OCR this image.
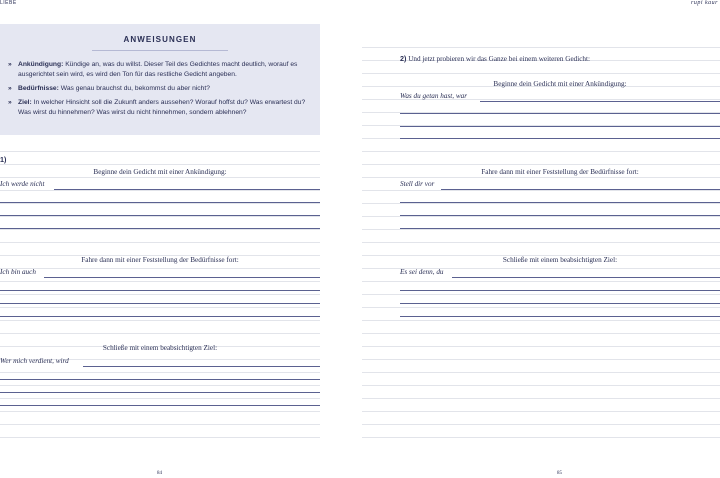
LIEBE	rupi kaur
ANWEISUNGEN
» Ankündigung: Kündige an, was du willst. Dieser Teil des Gedichtes macht deutlich, worauf es ausgerichtet sein wird, es wird den Ton für das restliche Gedicht angeben.
» Bedürfnisse: Was genau brauchst du, bekommst du aber nicht?
» Ziel: In welcher Hinsicht soll die Zukunft anders aussehen? Worauf hoffst du? Was erwartest du? Was wirst du hinnehmen? Was wirst du nicht hinnehmen, sondern ablehnen?
2) Und jetzt probieren wir das Ganze bei einem weiteren Gedicht:
Beginne dein Gedicht mit einer Ankündigung:
Was du getan hast, war
1)
Beginne dein Gedicht mit einer Ankündigung:
Ich werde nicht
Fahre dann mit einer Feststellung der Bedürfnisse fort:
Ich bin auch
Schließe mit einem beabsichtigten Ziel:
Wer mich verdient, wird
Fahre dann mit einer Feststellung der Bedürfnisse fort:
Stell dir vor
Schließe mit einem beabsichtigten Ziel:
Es sei denn, du
84	85
